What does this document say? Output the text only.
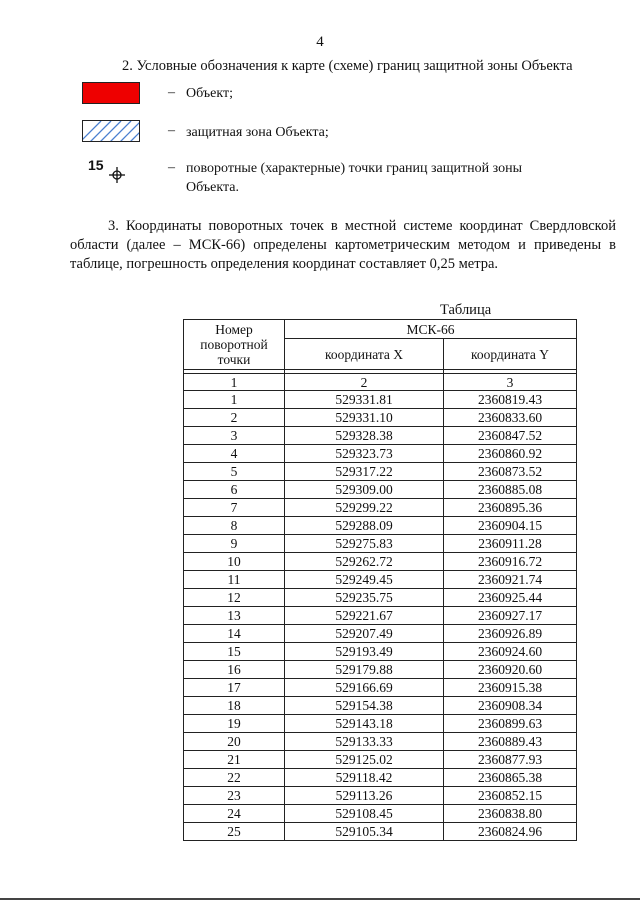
4
2. Условные обозначения к карте (схеме) границ защитной зоны Объекта
– Объект;
– защитная зона Объекта;
15	– поворотные (характерные) точки границ защитной зоны Объекта.

3. Координаты поворотных точек в местной системе координат Свердловской области (далее – МСК-66) определены картометрическим методом и приведены в таблице, погрешность определения координат составляет 0,25 метра.

Таблица
Номер поворотной точки	МСК-66	
	координата X	координата Y

1	2	3
1	529331.81	2360819.43
2	529331.10	2360833.60
3	529328.38	2360847.52
4	529323.73	2360860.92
5	529317.22	2360873.52
6	529309.00	2360885.08
7	529299.22	2360895.36
8	529288.09	2360904.15
9	529275.83	2360911.28
10	529262.72	2360916.72
11	529249.45	2360921.74
12	529235.75	2360925.44
13	529221.67	2360927.17
14	529207.49	2360926.89
15	529193.49	2360924.60
16	529179.88	2360920.60
17	529166.69	2360915.38
18	529154.38	2360908.34
19	529143.18	2360899.63
20	529133.33	2360889.43
21	529125.02	2360877.93
22	529118.42	2360865.38
23	529113.26	2360852.15
24	529108.45	2360838.80
25	529105.34	2360824.96
